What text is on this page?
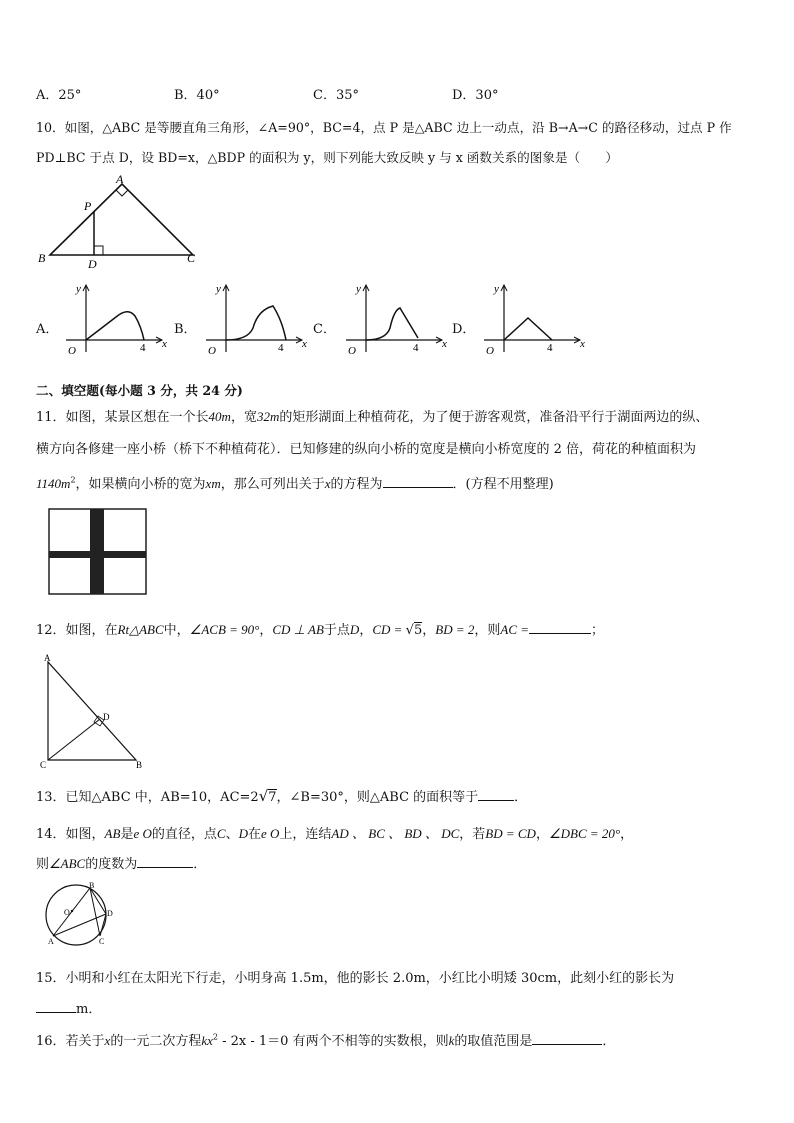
A．25°	B．40°	C．35°	D．30°
10．如图，△ABC 是等腰直角三角形，∠A=90°，BC=4，点 P 是△ABC 边上一动点，沿 B→A→C 的路径移动，过点 P 作
PD⊥BC 于点 D，设 BD=x，△BDP 的面积为 y，则下列能大致反映 y 与 x 函数关系的图象是（　　）
A
P
B	D	C
A．	B．	C．	D．
y
x
O	4
y
x
O	4
y
x
O	4
y
x
O	4
二、填空题(每小题 3 分，共 24 分)
11．如图，某景区想在一个长40m，宽32m的矩形湖面上种植荷花，为了便于游客观赏，准备沿平行于湖面两边的纵、
横方向各修建一座小桥（桥下不种植荷花）．已知修建的纵向小桥的宽度是横向小桥宽度的 2 倍，荷花的种植面积为
$1140m^2$，如果横向小桥的宽为xm，那么可列出关于x的方程为	．(方程不用整理)
12．如图，在Rt△ABC中，∠ACB = 90°，CD ⊥ AB于点D，CD = √5，BD = 2，则AC =	；
A
D
C	B
13．已知△ABC 中，AB=10，AC=2√7，∠B=30°，则△ABC 的面积等于	．
14．如图，AB是e O的直径，点C、D在e O上，连结AD 、 BC 、 BD 、 DC，若BD = CD，∠DBC = 20°，
则∠ABC的度数为	．
B
O	D
A	C
15．小明和小红在太阳光下行走，小明身高 1.5m，他的影长 2.0m，小红比小明矮 30cm，此刻小红的影长为
m．
16．若关于x的一元二次方程$kx^2 - 2x - 1=0$ 有两个不相等的实数根，则k的取值范围是	．
